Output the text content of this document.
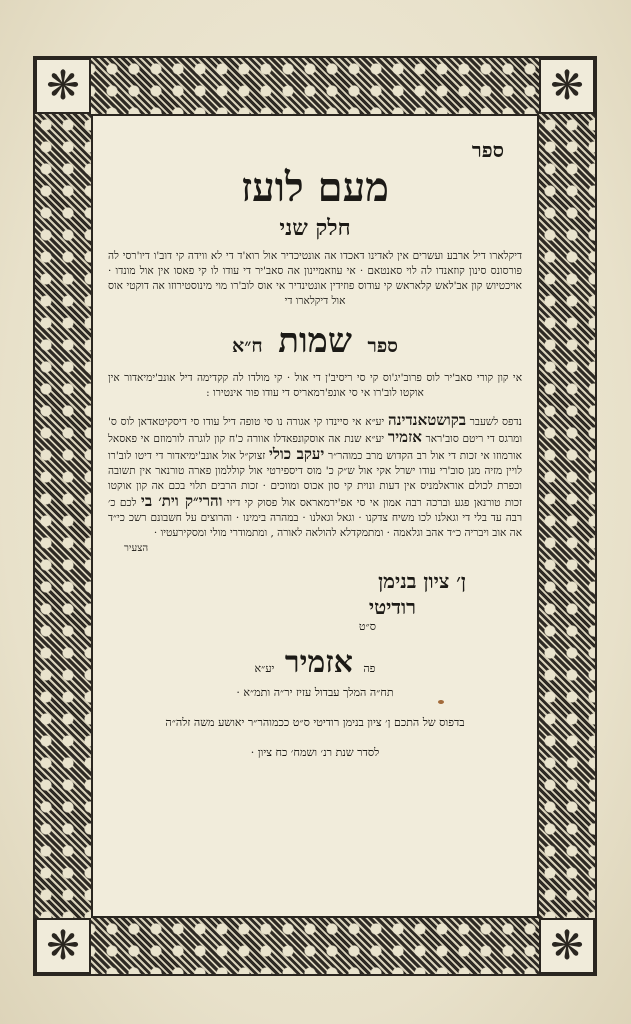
❋	❋
❋	❋

ספר

מעם לועז

חלק שני

דיקלארו דיל ארבע ועשרים אין לאדינו דאכדו אה אונטיכדיר אול רוא'ד די לא ווידה קי דוב'ו דיו'רסי לה פורסונס סינון קוזאנדו לה לוי סאנטאם · אי עוזאמיינון אה סאב'יר די עודו לו קי פאסו אין אול מונדו · אויכטיוש קון אב'לאש קלאראש קי עודוס פוזידין אונטינדיר אי אוס לוב'רו מוי מינוסטירוזו אה דוקטי אוס אול דיקלארו די

ספר שמות ח״א

אי קון קורי סאב'יר לוס פרוב'יג'וס קי סי ריסיב'ן די אול · קי מולדו לה קקדימה דיל אונב'ימיאדור אין אוקטו לוב'רו אי סי אונפ'רמאריס די עודו פור אינטירו :

נדפס לשעבר בקושטאנדינה יע״א אי סיינדו קי אגורה נו סי טופה דיל עודו סי דיסקיטאדאן לוס ס' ומרגס די ריטם סוב'ראר אזמיר יע״א שנת אה אוסקונפאדלו אוורה כ'ח קון לוגרה לורמוזם אי פאסאל אורמוזו אי זכות די אול רב הקדוש מרב כמוהר״ר יעקב כולי זצוק״ל אול אונב'ימיאדור די דיטו לוב'רו לויין מזיה מגן סוב'רי עודו ישרל אקי אול ש״ק כ' מוס דיספירטי אול קוללמון פארה טורנאר אין תשובה וכפרת לכולם אוראלמניס אין דעות ונוית קי סון אכוס ומווכים · זכות הרבים תלוי בכם אה קון אוקטו זכות טורנאן פגע וברכה רבה אמון אי סי אפ'ירמאראס אול פסוק קי דיזי והרי״ק וית׳ בי לכם כ׳ רבה עד בלי די וגאלנו לכו משיח צדקנו · וגאל וגאלנו · במהרה בימינו · והרוצים על חשבונם רשכ כי״ד אה אוב ויבריה כ״ד אהב וגלאמה · ומתמקדלא להולאה לאורה , ומתמודרי מולי ומסקירעטיו ·

הצעיר

ן׳ ציון בנימן

רודיטי

ס״ט

פה אזמיר יע״א

תח״ה המלך עבדול עזיז יר״ה ותמ״א ·

בדפוס של התכם ן׳ ציון בנימן רודיטי ס״ט ככמוהר״ר יאושע משה זלה״ה

לסדר שנת רנ׳ ושמח׳ כח ציון ·
